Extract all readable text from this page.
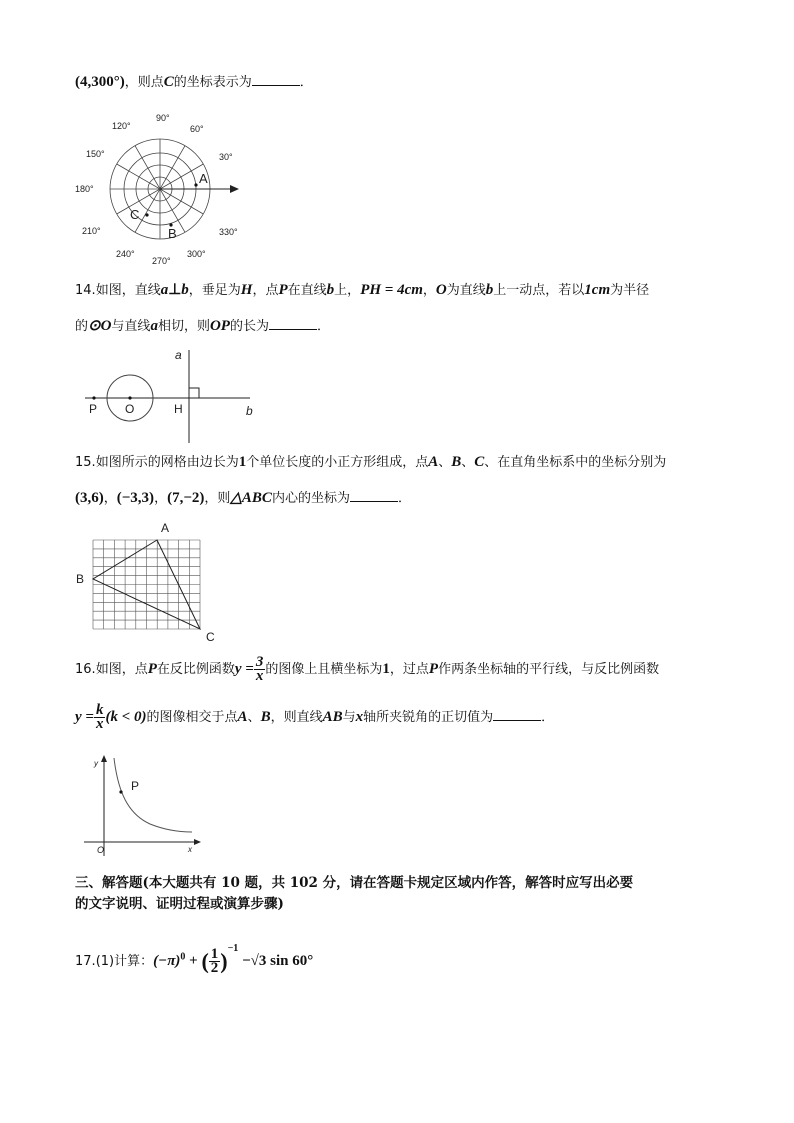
(4,300°)，则点C的坐标表示为	．
90°
60°
30°
120°
150°
180°
210°
240°
270°
300°
330°
A
B
C
14.如图，直线a⊥b，垂足为H，点P在直线b上，PH = 4cm，O为直线b上一动点，若以1cm为半径
的⊙O与直线a相切，则OP的长为	．
a
P O	H	b
15.如图所示的网格由边长为1个单位长度的小正方形组成，点A、B、C、在直角坐标系中的坐标分别为
(3,6)，(−3,3)，(7,−2)，则△ABC内心的坐标为	．
A
B
C
16.如图，点P在反比例函数$y = \frac{3}{x}$ 的图像上且横坐标为1，过点P作两条坐标轴的平行线，与反比例函数
$y = \frac{k}{x} (k < 0)$的图像相交于点A、B，则直线AB与x轴所夹锐角的正切值为	．
y
P
O	x
三、解答题(本大题共有 10 题，共 102 分，请在答题卡规定区域内作答，解答时应写出必要
的文字说明、证明过程或演算步骤)
17.(1)计算：$(-\pi)^0$ + ( $\frac{1}{2} )^{-1} -√3$ sin 60°
